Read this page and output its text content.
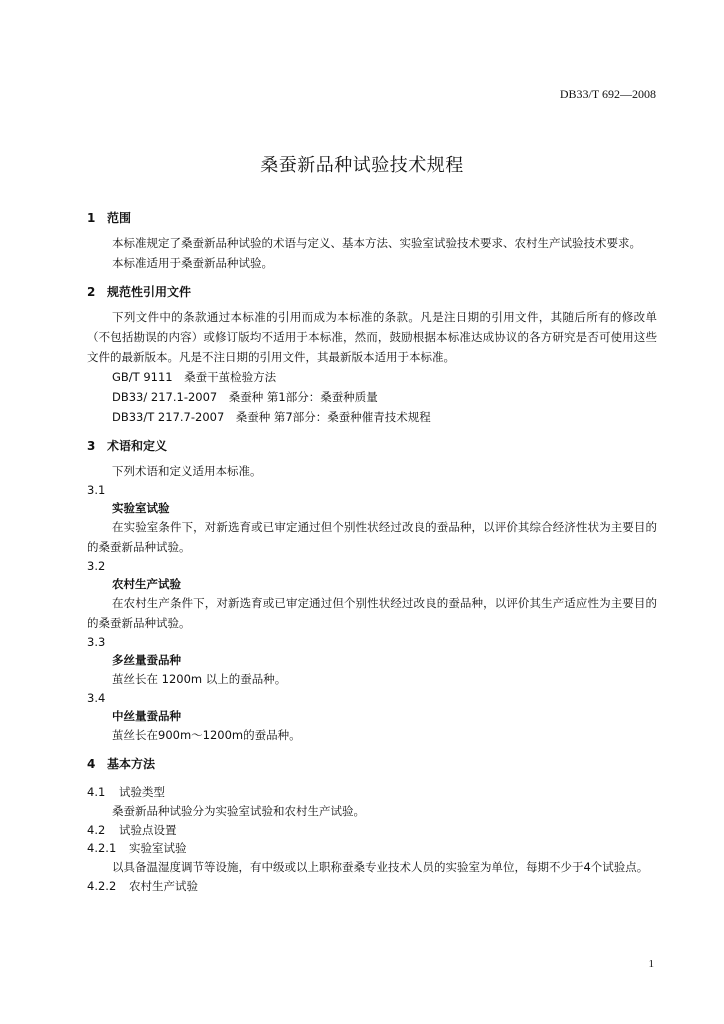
DB33/T 692—2008
桑蚕新品种试验技术规程

1 范围

本标准规定了桑蚕新品种试验的术语与定义、基本方法、实验室试验技术要求、农村生产试验技术要求。

本标准适用于桑蚕新品种试验。

2 规范性引用文件

下列文件中的条款通过本标准的引用而成为本标准的条款。凡是注日期的引用文件，其随后所有的修改单（不包括勘误的内容）或修订版均不适用于本标准，然而，鼓励根据本标准达成协议的各方研究是否可使用这些文件的最新版本。凡是不注日期的引用文件，其最新版本适用于本标准。

GB/T 9111　桑蚕干茧检验方法

DB33/ 217.1-2007　桑蚕种 第1部分：桑蚕种质量

DB33/T 217.7-2007　桑蚕种 第7部分：桑蚕种催青技术规程

3 术语和定义

下列术语和定义适用本标准。

3.1

实验室试验

在实验室条件下，对新选育或已审定通过但个别性状经过改良的蚕品种，以评价其综合经济性状为主要目的的桑蚕新品种试验。

3.2

农村生产试验

在农村生产条件下，对新选育或已审定通过但个别性状经过改良的蚕品种，以评价其生产适应性为主要目的的桑蚕新品种试验。

3.3

多丝量蚕品种

茧丝长在 1200m 以上的蚕品种。

3.4

中丝量蚕品种

茧丝长在900m～1200m的蚕品种。

4 基本方法

4.1 试验类型

桑蚕新品种试验分为实验室试验和农村生产试验。

4.2 试验点设置

4.2.1 实验室试验

以具备温湿度调节等设施，有中级或以上职称蚕桑专业技术人员的实验室为单位，每期不少于4个试验点。

4.2.2 农村生产试验

1
